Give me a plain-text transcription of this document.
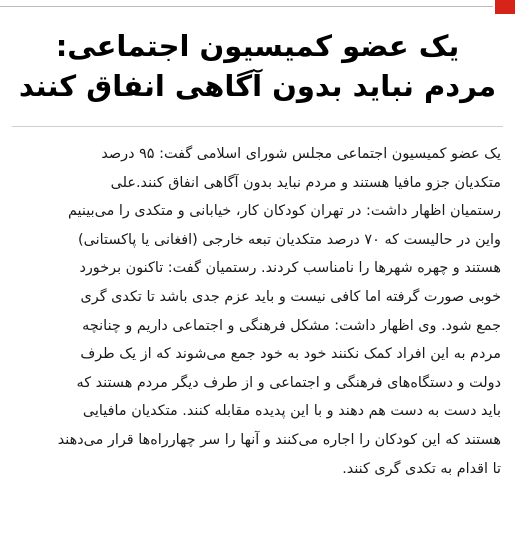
یک عضو کمیسیون اجتماعی:
مردم نباید بدون آگاهی انفاق کنند
یک عضو کمیسیون اجتماعی مجلس شورای اسلامی گفت: ۹۵ درصد
متکدیان جزو مافیا هستند و مردم نباید بدون آگاهی انفاق کنند.علی
رستمیان اظهار داشت: در تهران کودکان کار، خیابانی و متکدی را می‌بینیم
واین در حالیست که ۷۰ درصد متکدیان تبعه خارجی (افغانی یا پاکستانی)
هستند و چهره شهرها را نامناسب کردند. رستمیان گفت: تاکنون برخورد
خوبی صورت گرفته اما کافی نیست و باید عزم جدی باشد تا تکدی گری
جمع شود. وی اظهار داشت: مشکل فرهنگی و اجتماعی داریم و چنانچه
مردم به این افراد کمک نکنند خود به خود جمع می‌شوند که از یک طرف
دولت و دستگاه‌های فرهنگی و اجتماعی و از طرف دیگر مردم هستند که
باید دست به دست هم دهند و با این پدیده مقابله کنند. متکدیان مافیایی
هستند که این کودکان را اجاره می‌کنند و آنها را سر چهارراه‌ها قرار می‌دهند
تا اقدام به تکدی گری کنند.
